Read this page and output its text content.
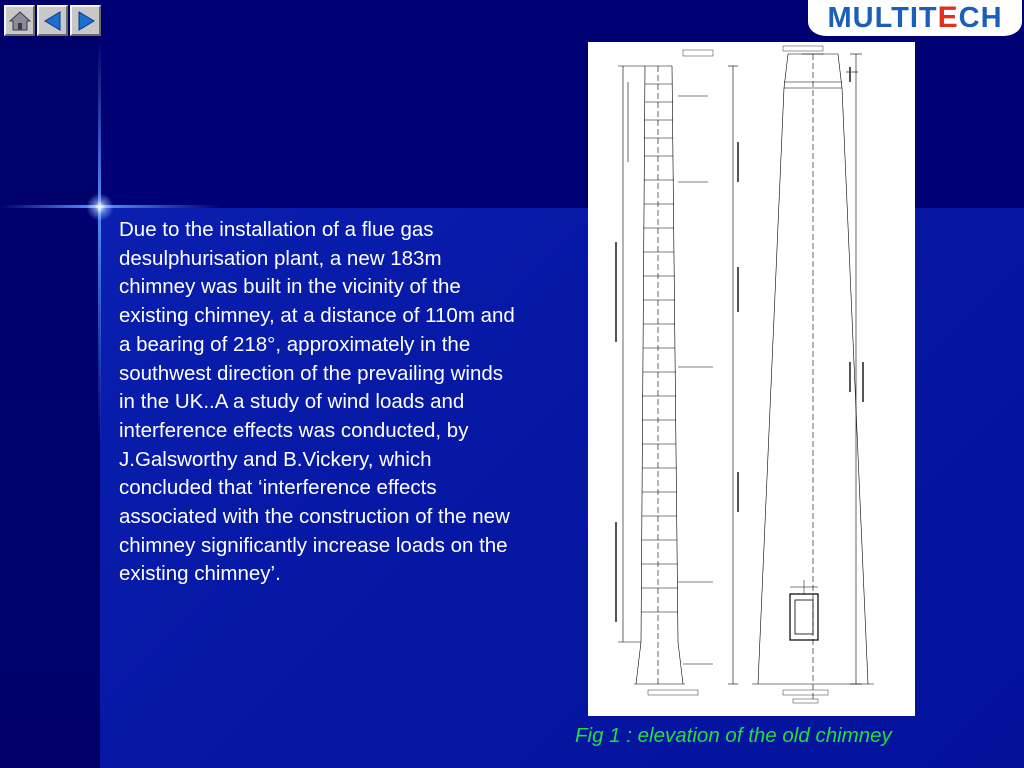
MULTIT E CH
Due to the installation of a flue gas desulphurisation plant, a new 183m chimney was built in the vicinity of the existing chimney, at a distance of 110m and a bearing of 218°, approximately in the southwest direction of the prevailing winds in the UK..A a study of wind loads and interference effects was conducted, by J.Galsworthy and B.Vickery, which concluded that ‘interference effects associated with the construction of the new chimney significantly increase loads on the existing chimney’.
Fig 1 : elevation of the old chimney
